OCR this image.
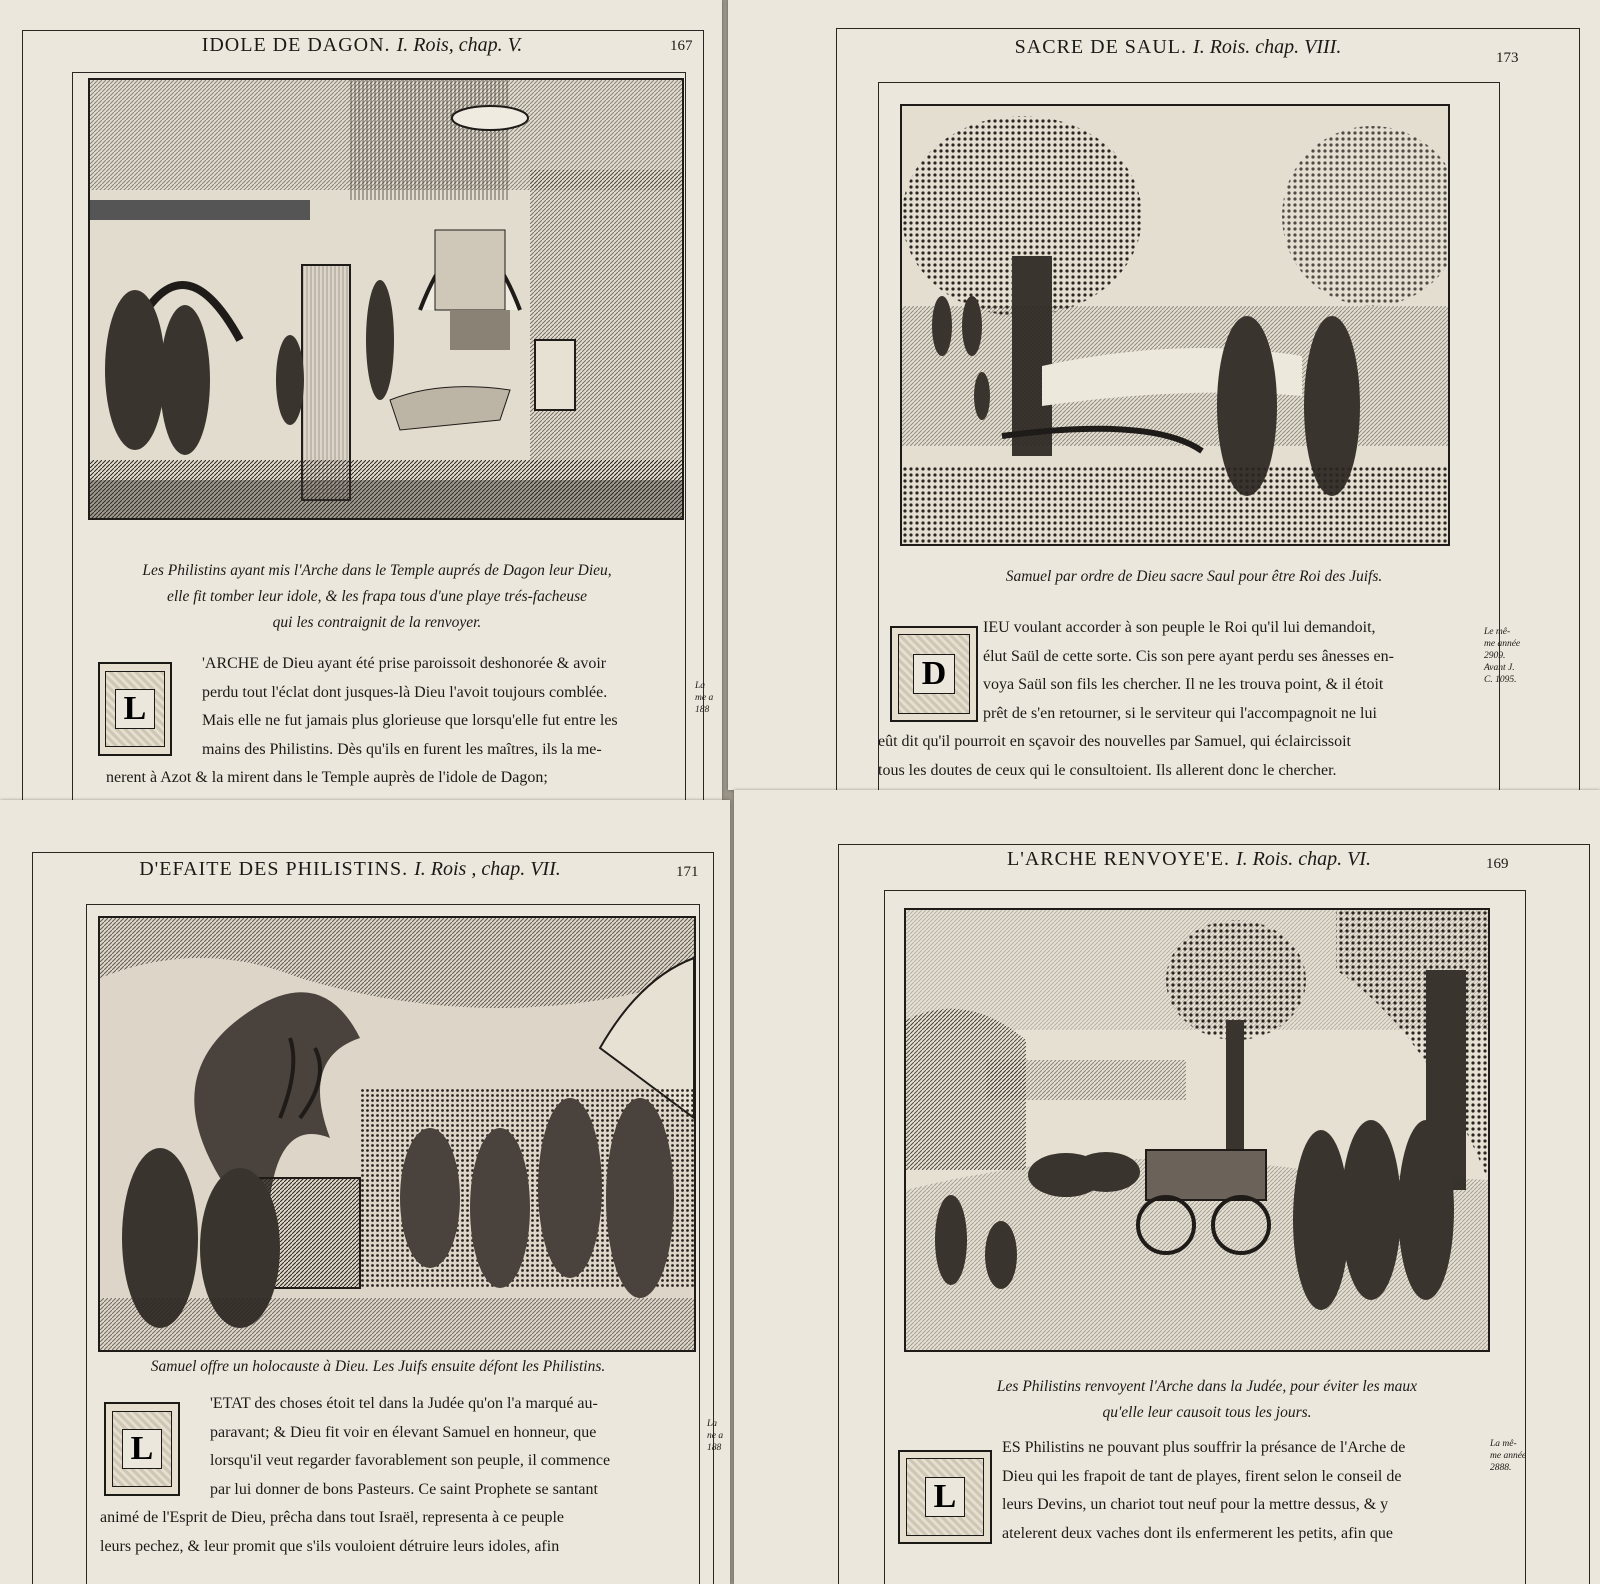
IDOLE DE DAGON. I. Rois, chap. V.	167
Les Philistins ayant mis l'Arche dans le Temple auprés de Dagon leur Dieu,
elle fit tomber leur idole, & les frapa tous d'une playe trés-facheuse
qui les contraignit de la renvoyer.
L
'ARCHE de Dieu ayant été prise paroissoit deshonorée & avoir
perdu tout l'éclat dont jusques-là Dieu l'avoit toujours comblée.
Mais elle ne fut jamais plus glorieuse que lorsqu'elle fut entre les
mains des Philistins. Dès qu'ils en furent les maîtres, ils la me-
nerent à Azot & la mirent dans le Temple auprès de l'idole de Dagon;
La
me a
188
SACRE DE SAUL. I. Rois. chap. VIII.	173
Samuel par ordre de Dieu sacre Saul pour être Roi des Juifs.
D
IEU voulant accorder à son peuple le Roi qu'il lui demandoit,
élut Saül de cette sorte. Cis son pere ayant perdu ses ânesses en-
voya Saül son fils les chercher. Il ne les trouva point, & il étoit
prêt de s'en retourner, si le serviteur qui l'accompagnoit ne lui
eût dit qu'il pourroit en sçavoir des nouvelles par Samuel, qui éclaircissoit
tous les doutes de ceux qui le consultoient. Ils allerent donc le chercher.
Le mê-
me année
2909.
Avant J.
C. 1095.
D'EFAITE DES PHILISTINS. I. Rois , chap. VII.	171
Samuel offre un holocauste à Dieu. Les Juifs ensuite défont les Philistins.
L
'ETAT des choses étoit tel dans la Judée qu'on l'a marqué au-
paravant; & Dieu fit voir en élevant Samuel en honneur, que
lorsqu'il veut regarder favorablement son peuple, il commence
par lui donner de bons Pasteurs. Ce saint Prophete se santant
animé de l'Esprit de Dieu, prêcha dans tout Israël, representa à ce peuple
leurs pechez, & leur promit que s'ils vouloient détruire leurs idoles, afin
La
ne a
188
L'ARCHE RENVOYE'E. I. Rois. chap. VI.	169
Les Philistins renvoyent l'Arche dans la Judée, pour éviter les maux
qu'elle leur causoit tous les jours.
L
ES Philistins ne pouvant plus souffrir la présance de l'Arche de
Dieu qui les frapoit de tant de playes, firent selon le conseil de
leurs Devins, un chariot tout neuf pour la mettre dessus, & y
atelerent deux vaches dont ils enfermerent les petits, afin que
La mê-
me année
2888.
